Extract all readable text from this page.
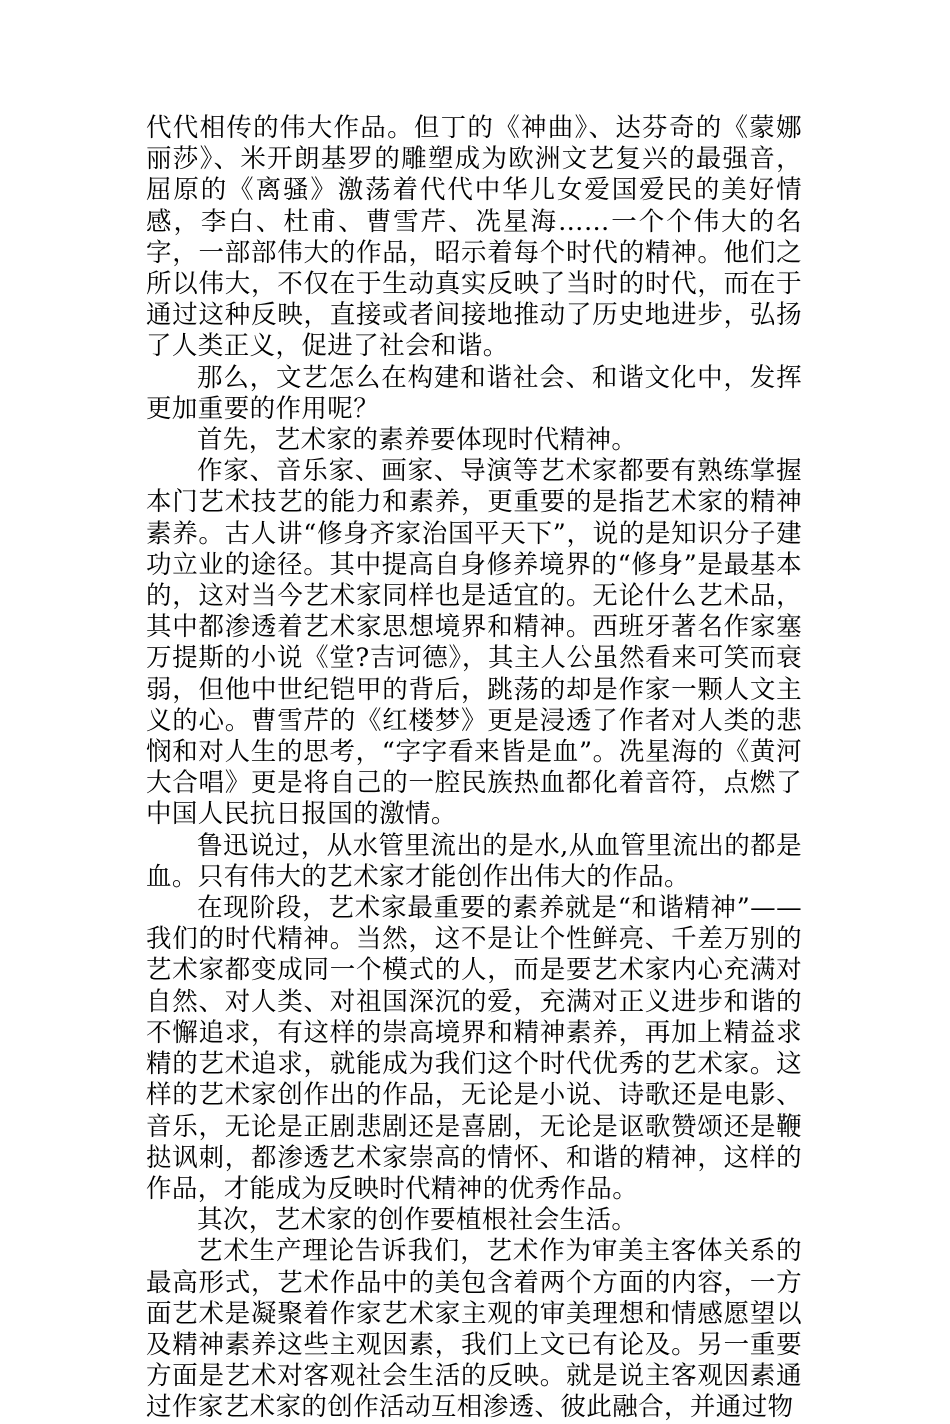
代代相传的伟大作品。但丁的《神曲》、达芬奇的《蒙娜丽莎》、米开朗基罗的雕塑成为欧洲文艺复兴的最强音，屈原的《离骚》激荡着代代中华儿女爱国爱民的美好情感，李白、杜甫、曹雪芹、冼星海……一个个伟大的名字，一部部伟大的作品，昭示着每个时代的精神。他们之所以伟大，不仅在于生动真实反映了当时的时代，而在于通过这种反映，直接或者间接地推动了历史地进步，弘扬了人类正义，促进了社会和谐。

那么，文艺怎么在构建和谐社会、和谐文化中，发挥更加重要的作用呢？

首先，艺术家的素养要体现时代精神。

作家、音乐家、画家、导演等艺术家都要有熟练掌握本门艺术技艺的能力和素养，更重要的是指艺术家的精神素养。古人讲“修身齐家治国平天下”，说的是知识分子建功立业的途径。其中提高自身修养境界的“修身”是最基本的，这对当今艺术家同样也是适宜的。无论什么艺术品，其中都渗透着艺术家思想境界和精神。西班牙著名作家塞万提斯的小说《堂?吉诃德》，其主人公虽然看来可笑而衰弱，但他中世纪铠甲的背后，跳荡的却是作家一颗人文主义的心。曹雪芹的《红楼梦》更是浸透了作者对人类的悲悯和对人生的思考，“字字看来皆是血”。冼星海的《黄河大合唱》更是将自己的一腔民族热血都化着音符，点燃了中国人民抗日报国的激情。

鲁迅说过，从水管里流出的是水,从血管里流出的都是血。只有伟大的艺术家才能创作出伟大的作品。

在现阶段，艺术家最重要的素养就是“和谐精神”——我们的时代精神。当然，这不是让个性鲜亮、千差万别的艺术家都变成同一个模式的人，而是要艺术家内心充满对自然、对人类、对祖国深沉的爱，充满对正义进步和谐的不懈追求，有这样的崇高境界和精神素养，再加上精益求精的艺术追求，就能成为我们这个时代优秀的艺术家。这样的艺术家创作出的作品，无论是小说、诗歌还是电影、音乐，无论是正剧悲剧还是喜剧，无论是讴歌赞颂还是鞭挞讽刺，都渗透艺术家崇高的情怀、和谐的精神，这样的作品，才能成为反映时代精神的优秀作品。

其次，艺术家的创作要植根社会生活。

艺术生产理论告诉我们，艺术作为审美主客体关系的最高形式，艺术作品中的美包含着两个方面的内容，一方面艺术是凝聚着作家艺术家主观的审美理想和情感愿望以及精神素养这些主观因素，我们上文已有论及。另一重要方面是艺术对客观社会生活的反映。就是说主客观因素通过作家艺术家的创作活动互相渗透、彼此融合，并通过物
